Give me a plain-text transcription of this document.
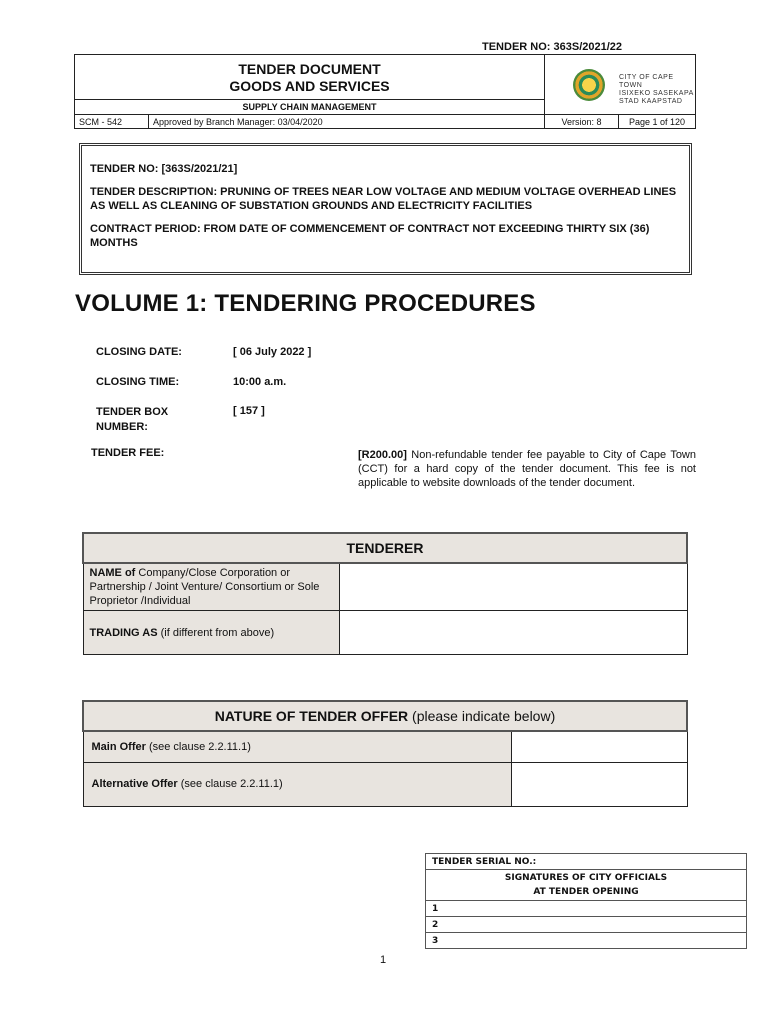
TENDER NO: 363S/2021/22
TENDER DOCUMENT
GOODS AND SERVICES
SUPPLY CHAIN MANAGEMENT
CITY OF CAPE TOWN
ISIXEKO SASEKAPA
STAD KAAPSTAD
SCM - 542	Approved by Branch Manager: 03/04/2020	Version: 8	Page 1 of 120

TENDER NO: [363S/2021/21]

TENDER DESCRIPTION: PRUNING OF TREES NEAR LOW VOLTAGE AND MEDIUM VOLTAGE OVERHEAD LINES AS WELL AS CLEANING OF SUBSTATION GROUNDS AND ELECTRICITY FACILITIES

CONTRACT PERIOD: FROM DATE OF COMMENCEMENT OF CONTRACT NOT EXCEEDING THIRTY SIX (36) MONTHS

VOLUME 1: TENDERING PROCEDURES
CLOSING DATE:	[ 06 July 2022 ]
CLOSING TIME:	10:00 a.m.
TENDER BOX
NUMBER:
[ 157 ]
TENDER FEE:	[R200.00] Non-refundable tender fee payable to City of Cape Town (CCT) for a hard copy of the tender document. This fee is not applicable to website downloads of the tender document.
TENDERER	
NAME of Company/Close Corporation or Partnership / Joint Venture/ Consortium or Sole Proprietor /Individual	
TRADING AS (if different from above)	
NATURE OF TENDER OFFER (please indicate below)	
Main Offer (see clause 2.2.11.1)	
Alternative Offer (see clause 2.2.11.1)	
TENDER SERIAL NO.:

SIGNATURES OF CITY OFFICIALS
AT TENDER OPENING

1
2
3
1
